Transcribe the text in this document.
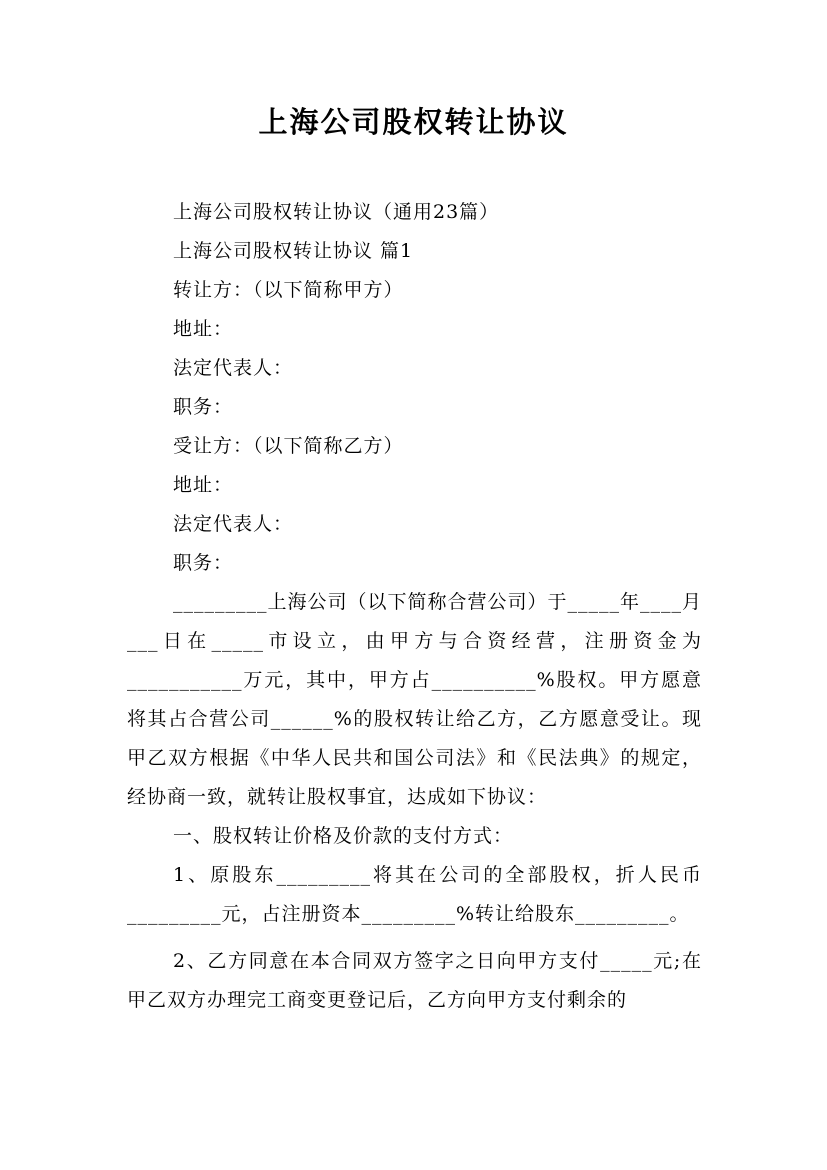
上海公司股权转让协议
上海公司股权转让协议（通用23篇）
上海公司股权转让协议 篇1
转让方：（以下简称甲方）
地址：
法定代表人：
职务：
受让方：（以下简称乙方）
地址：
法定代表人：
职务：
_________上海公司（以下简称合营公司）于_____年____月___日在_____市设立，由甲方与合资经营，注册资金为___________万元，其中，甲方占__________%股权。甲方愿意将其占合营公司______%的股权转让给乙方，乙方愿意受让。现甲乙双方根据《中华人民共和国公司法》和《民法典》的规定，经协商一致，就转让股权事宜，达成如下协议：
一、股权转让价格及价款的支付方式：
1、原股东_________将其在公司的全部股权，折人民币_________元，占注册资本_________%转让给股东_________。
2、乙方同意在本合同双方签字之日向甲方支付_____元;在甲乙双方办理完工商变更登记后，乙方向甲方支付剩余的
